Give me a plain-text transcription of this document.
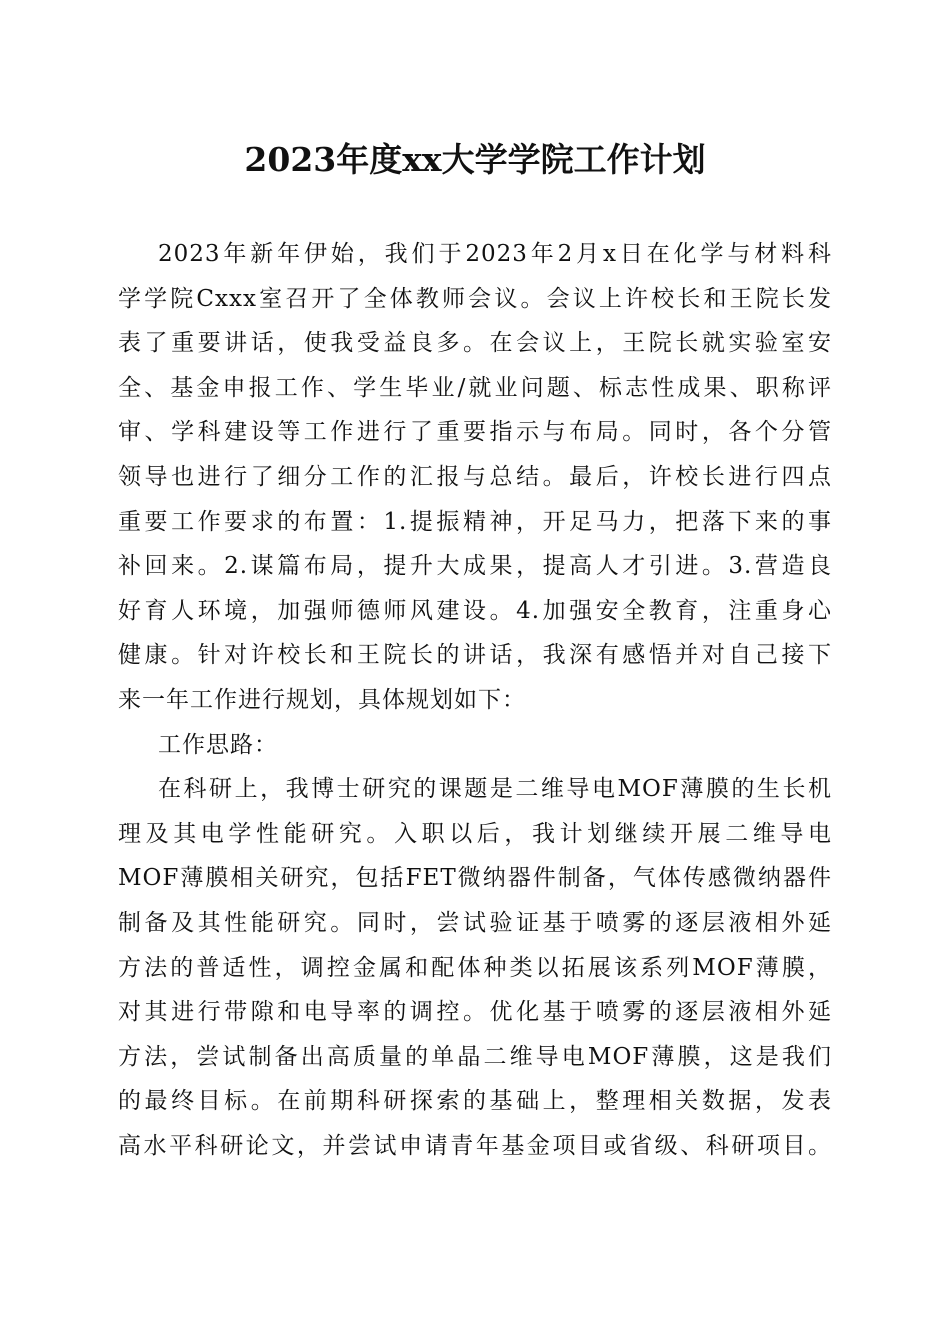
2023年度xx大学学院工作计划
2023年新年伊始，我们于2023年2月x日在化学与材料科
学学院Cxxx室召开了全体教师会议。会议上许校长和王院长发
表了重要讲话，使我受益良多。在会议上，王院长就实验室安
全、基金申报工作、学生毕业/就业问题、标志性成果、职称评
审、学科建设等工作进行了重要指示与布局。同时，各个分管
领导也进行了细分工作的汇报与总结。最后，许校长进行四点
重要工作要求的布置：1.提振精神，开足马力，把落下来的事
补回来。2.谋篇布局，提升大成果，提高人才引进。3.营造良
好育人环境，加强师德师风建设。4.加强安全教育，注重身心
健康。针对许校长和王院长的讲话，我深有感悟并对自己接下
来一年工作进行规划，具体规划如下：
工作思路：
在科研上，我博士研究的课题是二维导电MOF薄膜的生长机
理及其电学性能研究。入职以后，我计划继续开展二维导电
MOF薄膜相关研究，包括FET微纳器件制备，气体传感微纳器件
制备及其性能研究。同时，尝试验证基于喷雾的逐层液相外延
方法的普适性，调控金属和配体种类以拓展该系列MOF薄膜，
对其进行带隙和电导率的调控。优化基于喷雾的逐层液相外延
方法，尝试制备出高质量的单晶二维导电MOF薄膜，这是我们
的最终目标。在前期科研探索的基础上，整理相关数据，发表
高水平科研论文，并尝试申请青年基金项目或省级、科研项目。
